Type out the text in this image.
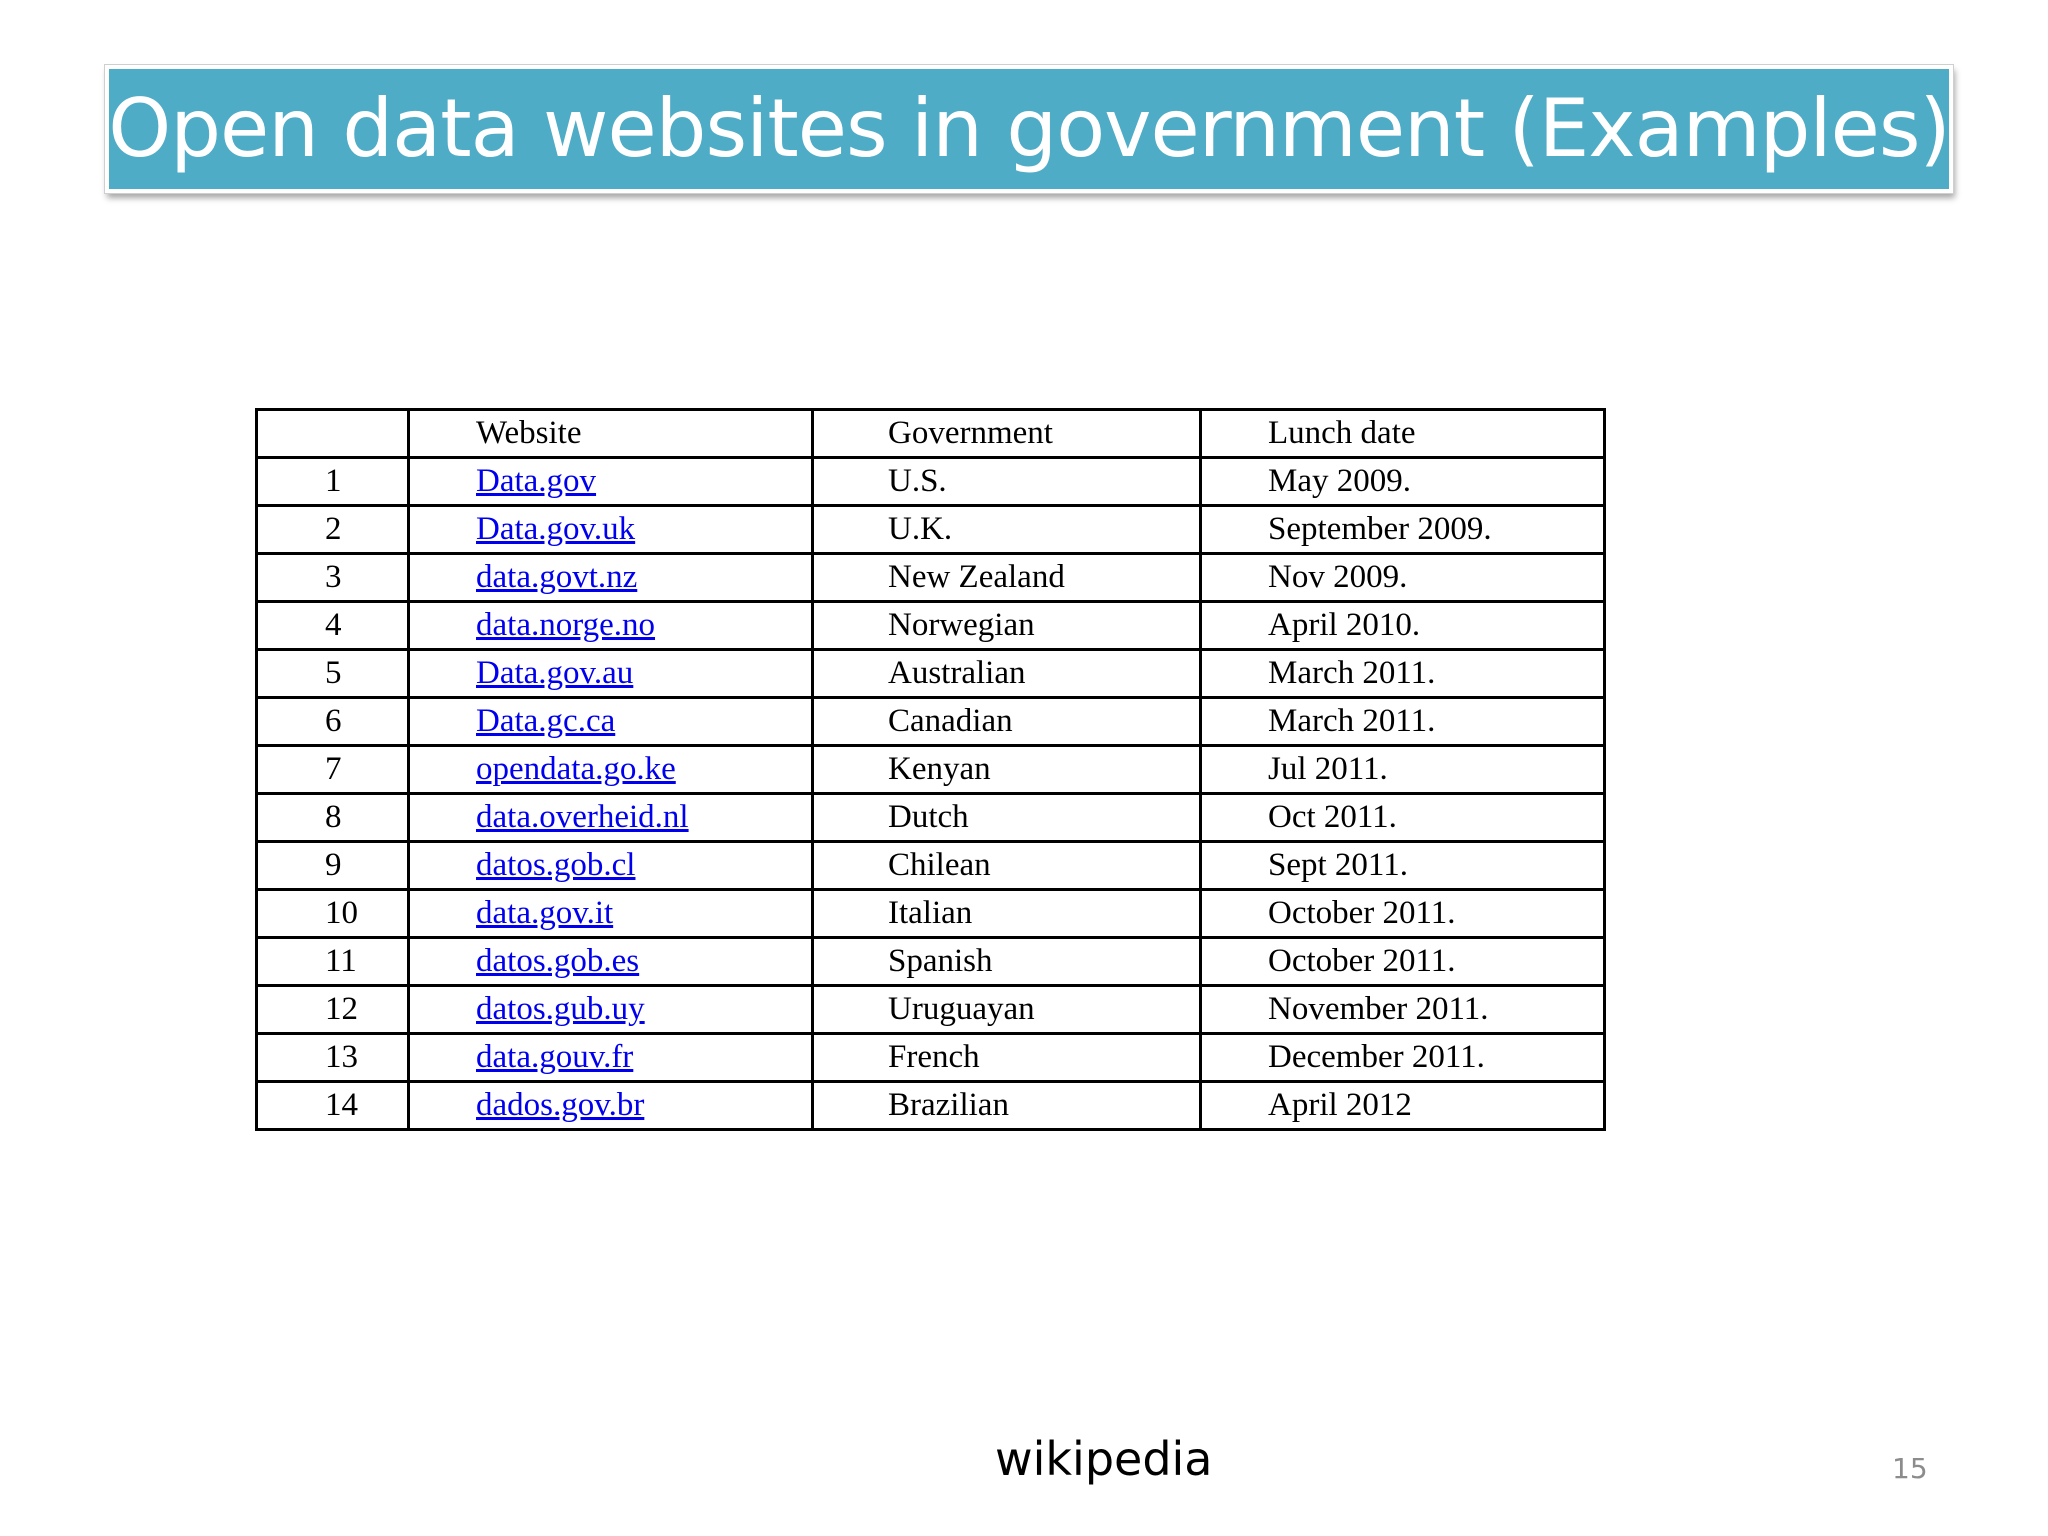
Open data websites in government (Examples)
	Website	Government	Lunch date
1	Data.gov	U.S.	May 2009.
2	Data.gov.uk	U.K.	September 2009.
3	data.govt.nz	New Zealand	Nov 2009.
4	data.norge.no	Norwegian	April 2010.
5	Data.gov.au	Australian	March 2011.
6	Data.gc.ca	Canadian	March 2011.
7	opendata.go.ke	Kenyan	Jul 2011.
8	data.overheid.nl	Dutch	Oct 2011.
9	datos.gob.cl	Chilean	Sept 2011.
10	data.gov.it	Italian	October 2011.
11	datos.gob.es	Spanish	October 2011.
12	datos.gub.uy	Uruguayan	November 2011.
13	data.gouv.fr	French	December 2011.
14	dados.gov.br	Brazilian	April 2012
wikipedia	15
